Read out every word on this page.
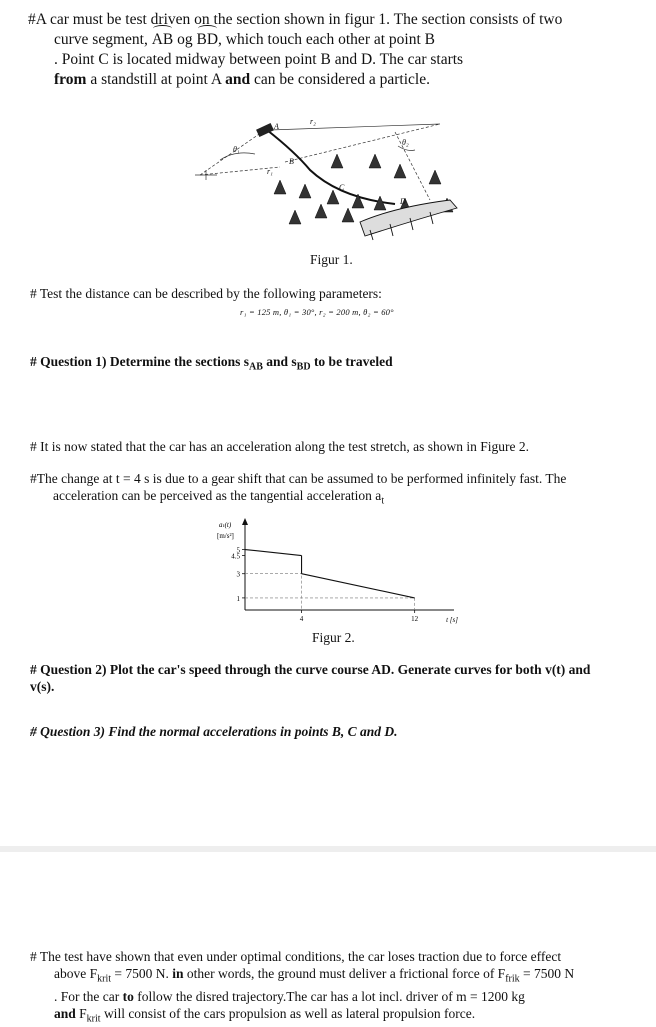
#A car must be test driven on the section shown in figur 1. The section consists of two
curve segment, AB og BD, which touch each other at point B
. Point C is located midway between point B and D. The car starts
from a standstill at point A and can be considered a particle.
A
B
C
D
θ₁
θ₂
r₁
r₂
Figur 1.
# Test the distance can be described by the following parameters:
r₁ = 125 m, θ₁ = 30°, r₂ = 200 m, θ₂ = 60°
# Question 1) Determine the sections $s_{AB}$ and $s_{BD}$ to be traveled
# It is now stated that the car has an acceleration along the test stretch, as shown in Figure 2.
#The change at t = 4 s is due to a gear shift that can be assumed to be performed infinitely fast. The
acceleration can be perceived as the tangential acceleration $a_t$
aₜ(t)
[m/s²]
t [s]
5
4.5
3
1
4	12
Figur 2.
# Question 2) Plot the car's speed through the curve course AD. Generate curves for both v(t) and
v(s).
# Question 3) Find the normal accelerations in points B, C and D.
# The test have shown that even under optimal conditions, the car loses traction due to force effect
above $F_{krit} = 7500$ N. in other words, the ground must deliver a frictional force of $F_{frik} = 7500$ N
. For the car to follow the disred trajectory.The car has a lot incl. driver of m = 1200 kg
and $F_{krit}$ will consist of the cars propulsion as well as lateral propulsion force.
